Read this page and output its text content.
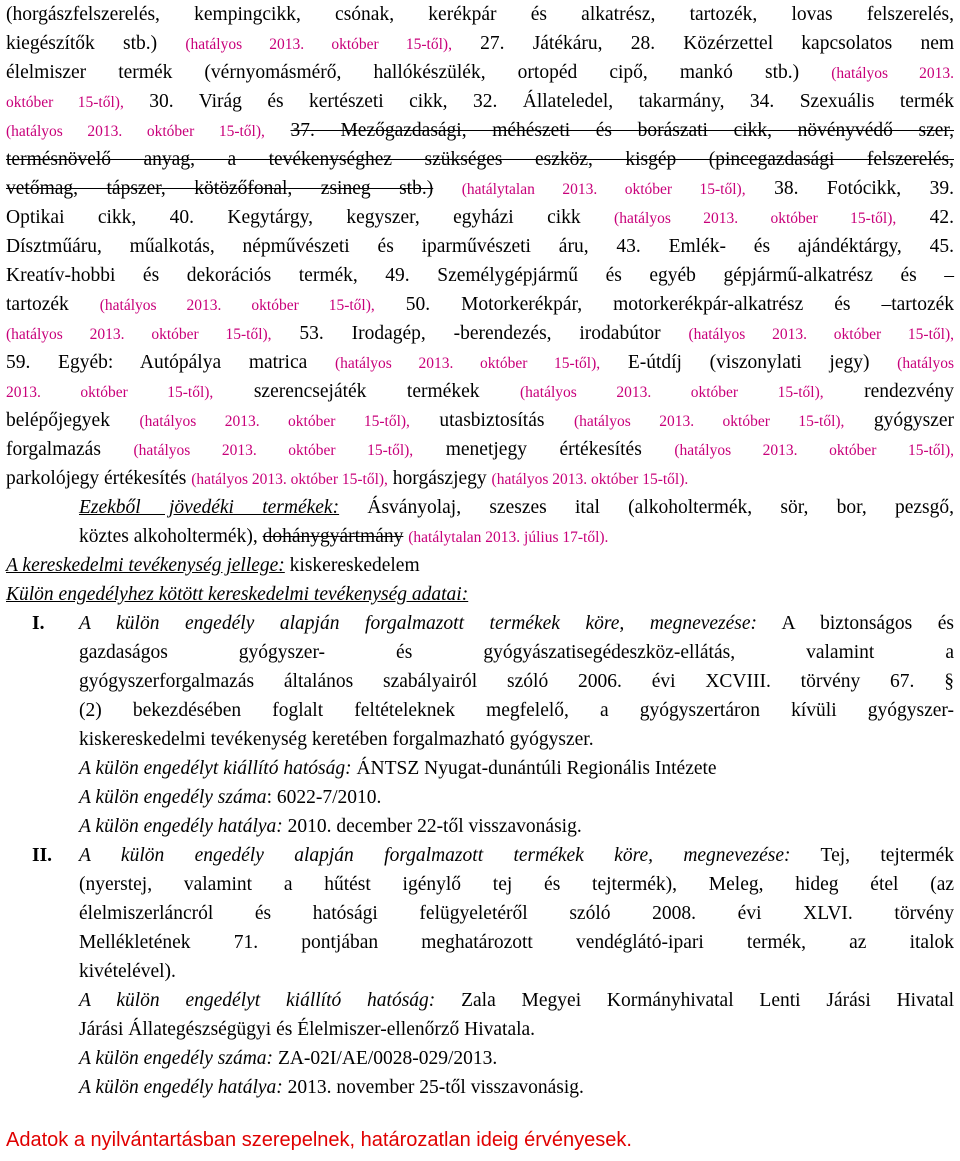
(horgászfelszerelés, kempingcikk, csónak, kerékpár és alkatrész, tartozék, lovas felszerelés,
kiegészítők stb.) (hatályos 2013. október 15-től), 27. Játékáru, 28. Közérzettel kapcsolatos nem
élelmiszer termék (vérnyomásmérő, hallókészülék, ortopéd cipő, mankó stb.) (hatályos 2013.
október 15-től), 30. Virág és kertészeti cikk, 32. Állateledel, takarmány, 34. Szexuális termék
(hatályos 2013. október 15-től), 37. Mezőgazdasági, méhészeti és borászati cikk, növényvédő szer,
termésnövelő anyag, a tevékenységhez szükséges eszköz, kisgép (pincegazdasági felszerelés,
vetőmag, tápszer, kötözőfonal, zsineg stb.) (hatálytalan 2013. október 15-től), 38. Fotócikk, 39.
Optikai cikk, 40. Kegytárgy, kegyszer, egyházi cikk (hatályos 2013. október 15-től), 42.
Dísztműáru, műalkotás, népművészeti és iparművészeti áru, 43. Emlék- és ajándéktárgy, 45.
Kreatív-hobbi és dekorációs termék, 49. Személygépjármű és egyéb gépjármű-alkatrész és –
tartozék (hatályos 2013. október 15-től), 50. Motorkerékpár, motorkerékpár-alkatrész és –tartozék
(hatályos 2013. október 15-től), 53. Irodagép, -berendezés, irodabútor (hatályos 2013. október 15-től),
59. Egyéb: Autópálya matrica (hatályos 2013. október 15-től), E-útdíj (viszonylati jegy) (hatályos
2013. október 15-től), szerencsejáték termékek	(hatályos 2013. október 15-től), rendezvény
belépőjegyek (hatályos 2013. október 15-től), utasbiztosítás (hatályos 2013. október 15-től), gyógyszer
forgalmazás (hatályos 2013. október 15-től), menetjegy értékesítés (hatályos 2013. október 15-től),
parkolójegy értékesítés (hatályos 2013. október 15-től), horgászjegy (hatályos 2013. október 15-től).
Ezekből jövedéki termékek: Ásványolaj, szeszes ital (alkoholtermék, sör, bor, pezsgő,
köztes alkoholtermék), dohánygyártmány (hatálytalan 2013. július 17-től).
A kereskedelmi tevékenység jellege: kiskereskedelem
Külön engedélyhez kötött kereskedelmi tevékenység adatai:
I. A külön engedély alapján forgalmazott termékek köre, megnevezése: A biztonságos és
gazdaságos gyógyszer- és gyógyászatisegédeszköz-ellátás, valamint a
gyógyszerforgalmazás általános szabályairól szóló 2006. évi XCVIII. törvény 67. §
(2) bekezdésében foglalt feltételeknek megfelelő, a gyógyszertáron kívüli gyógyszer-
kiskereskedelmi tevékenység keretében forgalmazható gyógyszer.
A külön engedélyt kiállító hatóság: ÁNTSZ Nyugat-dunántúli Regionális Intézete
A külön engedély száma: 6022-7/2010.
A külön engedély hatálya: 2010. december 22-től visszavonásig.
II. A külön engedély alapján forgalmazott termékek köre, megnevezése: Tej, tejtermék
(nyerstej, valamint a hűtést igénylő tej és tejtermék), Meleg, hideg étel (az
élelmiszerláncról és hatósági felügyeletéről szóló 2008. évi XLVI. törvény
Mellékletének 71. pontjában meghatározott vendéglátó-ipari termék, az italok
kivételével).
A külön engedélyt kiállító hatóság: Zala Megyei Kormányhivatal Lenti Járási Hivatal
Járási Állategészségügyi és Élelmiszer-ellenőrző Hivatala.
A külön engedély száma: ZA-02I/AE/0028-029/2013.
A külön engedély hatálya: 2013. november 25-től visszavonásig.
Adatok a nyilvántartásban szerepelnek, határozatlan ideig érvényesek.
